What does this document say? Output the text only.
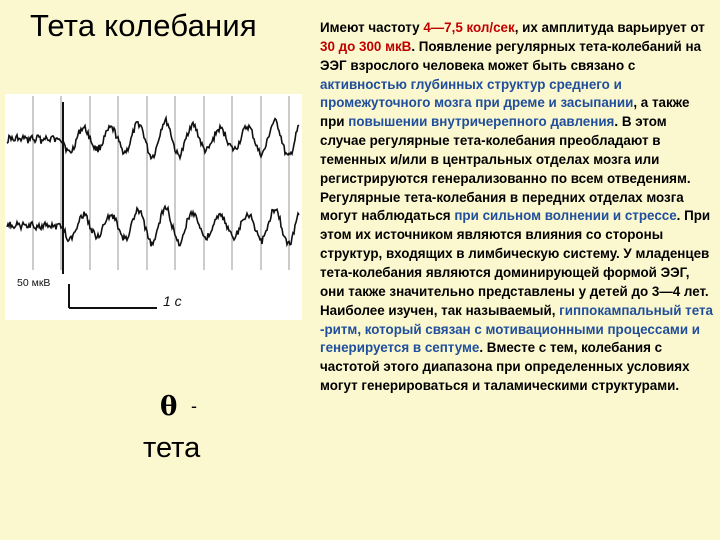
Тета колебания
50 мкВ
1 с
θ -
тета
Имеют частоту 4—7,5 кол/сек, их амплитуда варьирует от 30 до 300 мкВ. Появление регулярных тета-колебаний на ЭЭГ взрослого человека может быть связано с активностью глубинных структур среднего и промежуточного мозга при дреме и засыпании, а также при повышении внутричерепного давления. В этом случае регулярные тета-колебания преобладают в теменных и/или в центральных отделах мозга или регистрируются генерализованно по всем отведениям. Регулярные тета-колебания в передних отделах мозга могут наблюдаться при сильном волнении и стрессе. При этом их источником являются влияния со стороны структур, входящих в лимбическую систему. У младенцев тета-колебания являются доминирующей формой ЭЭГ, они также значительно представлены у детей до 3—4 лет. Наиболее изучен, так называемый, гиппокампальный тета -ритм, который связан с мотивационными процессами и генерируется в септуме. Вместе с тем, колебания с частотой этого диапазона при определенных условиях могут генерироваться и таламическими структурами.
